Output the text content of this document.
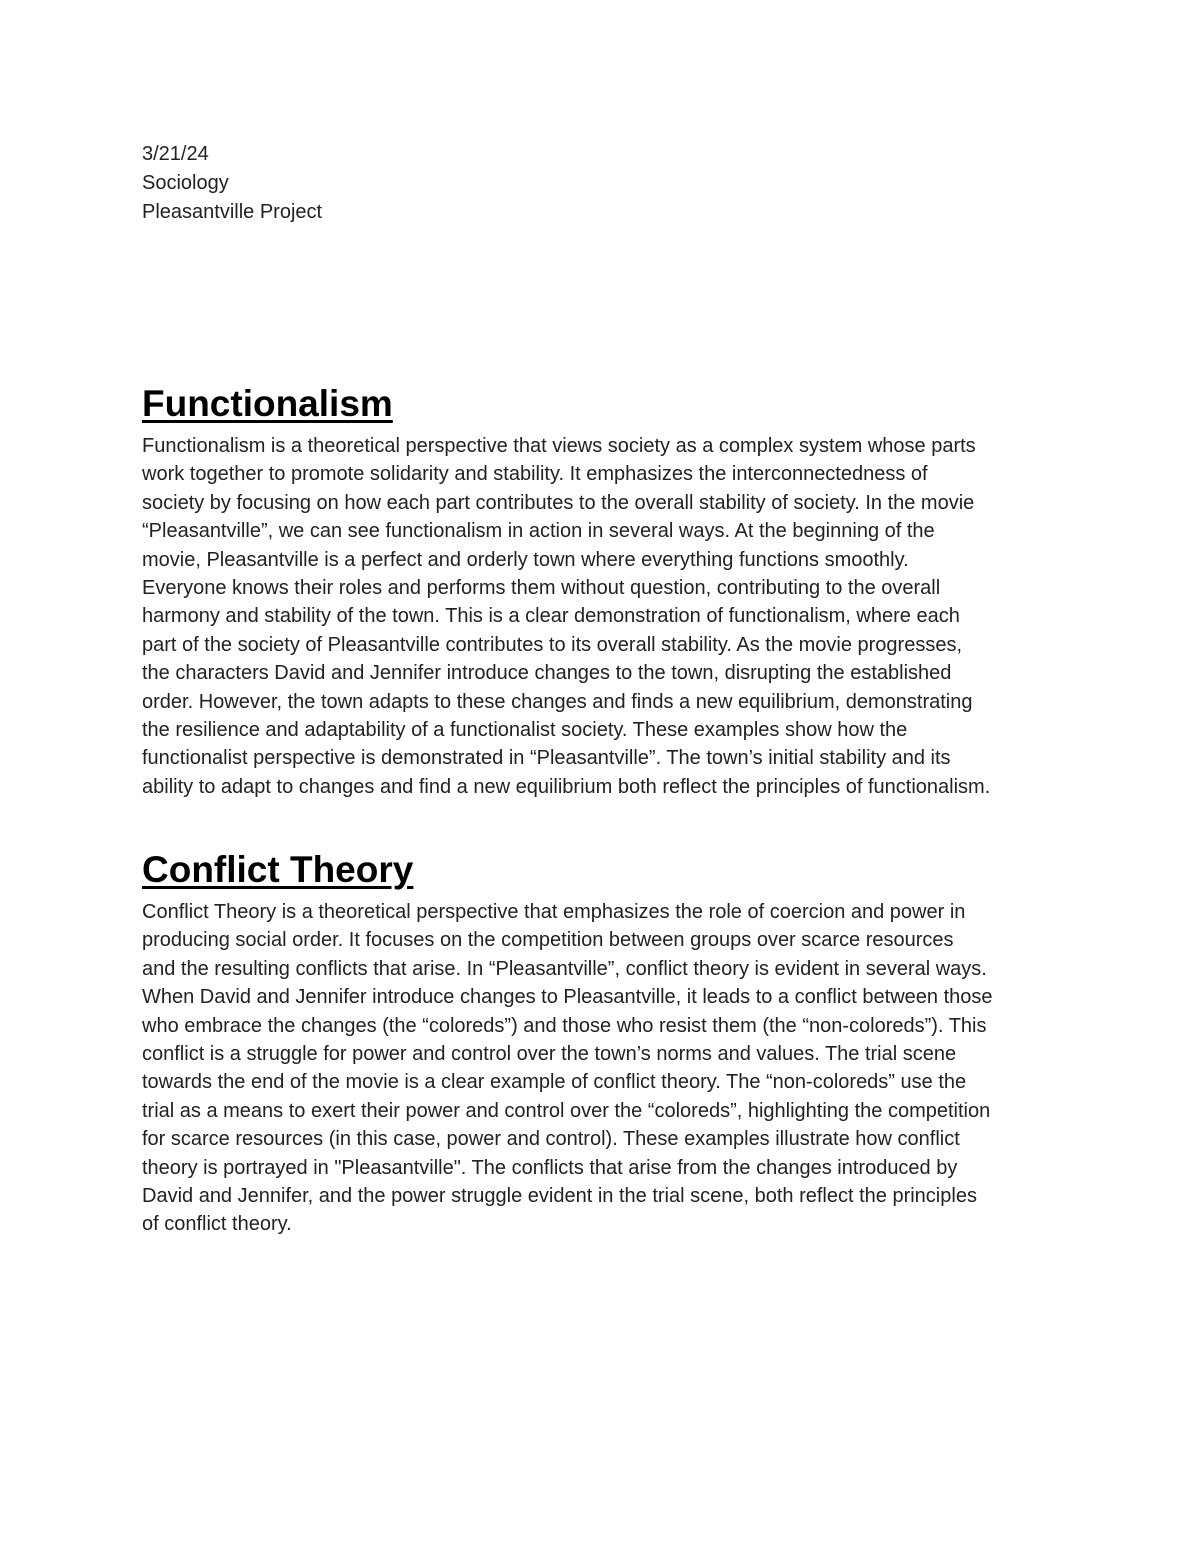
3/21/24
Sociology
Pleasantville Project
Functionalism

Functionalism is a theoretical perspective that views society as a complex system whose parts
work together to promote solidarity and stability. It emphasizes the interconnectedness of
society by focusing on how each part contributes to the overall stability of society. In the movie
“Pleasantville”, we can see functionalism in action in several ways. At the beginning of the
movie, Pleasantville is a perfect and orderly town where everything functions smoothly.
Everyone knows their roles and performs them without question, contributing to the overall
harmony and stability of the town. This is a clear demonstration of functionalism, where each
part of the society of Pleasantville contributes to its overall stability. As the movie progresses,
the characters David and Jennifer introduce changes to the town, disrupting the established
order. However, the town adapts to these changes and finds a new equilibrium, demonstrating
the resilience and adaptability of a functionalist society. These examples show how the
functionalist perspective is demonstrated in “Pleasantville”. The town’s initial stability and its
ability to adapt to changes and find a new equilibrium both reflect the principles of functionalism.

Conflict Theory

Conflict Theory is a theoretical perspective that emphasizes the role of coercion and power in
producing social order. It focuses on the competition between groups over scarce resources
and the resulting conflicts that arise. In “Pleasantville”, conflict theory is evident in several ways.
When David and Jennifer introduce changes to Pleasantville, it leads to a conflict between those
who embrace the changes (the “coloreds”) and those who resist them (the “non-coloreds”). This
conflict is a struggle for power and control over the town’s norms and values. The trial scene
towards the end of the movie is a clear example of conflict theory. The “non-coloreds” use the
trial as a means to exert their power and control over the “coloreds”, highlighting the competition
for scarce resources (in this case, power and control). These examples illustrate how conflict
theory is portrayed in "Pleasantville". The conflicts that arise from the changes introduced by
David and Jennifer, and the power struggle evident in the trial scene, both reflect the principles
of conflict theory.
